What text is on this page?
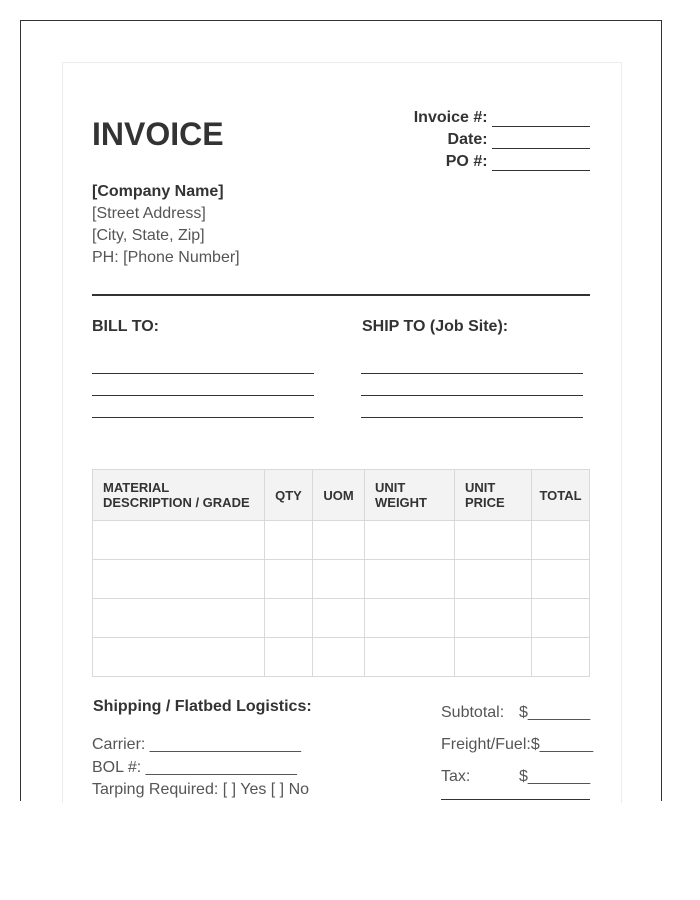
INVOICE	Invoice #:
Date:
PO #:
[Company Name]
[Street Address]
[City, State, Zip]
PH: [Phone Number]
BILL TO:	SHIP TO (Job Site):
MATERIAL DESCRIPTION / GRADE	QTY	UOM	UNIT WEIGHT	UNIT PRICE	TOTAL

Shipping / Flatbed Logistics:
Carrier: _________________
BOL #: _________________
Tarping Required: [ ] Yes [ ] No
Subtotal: $_______
Freight/Fuel:$______
Tax:	$_______
